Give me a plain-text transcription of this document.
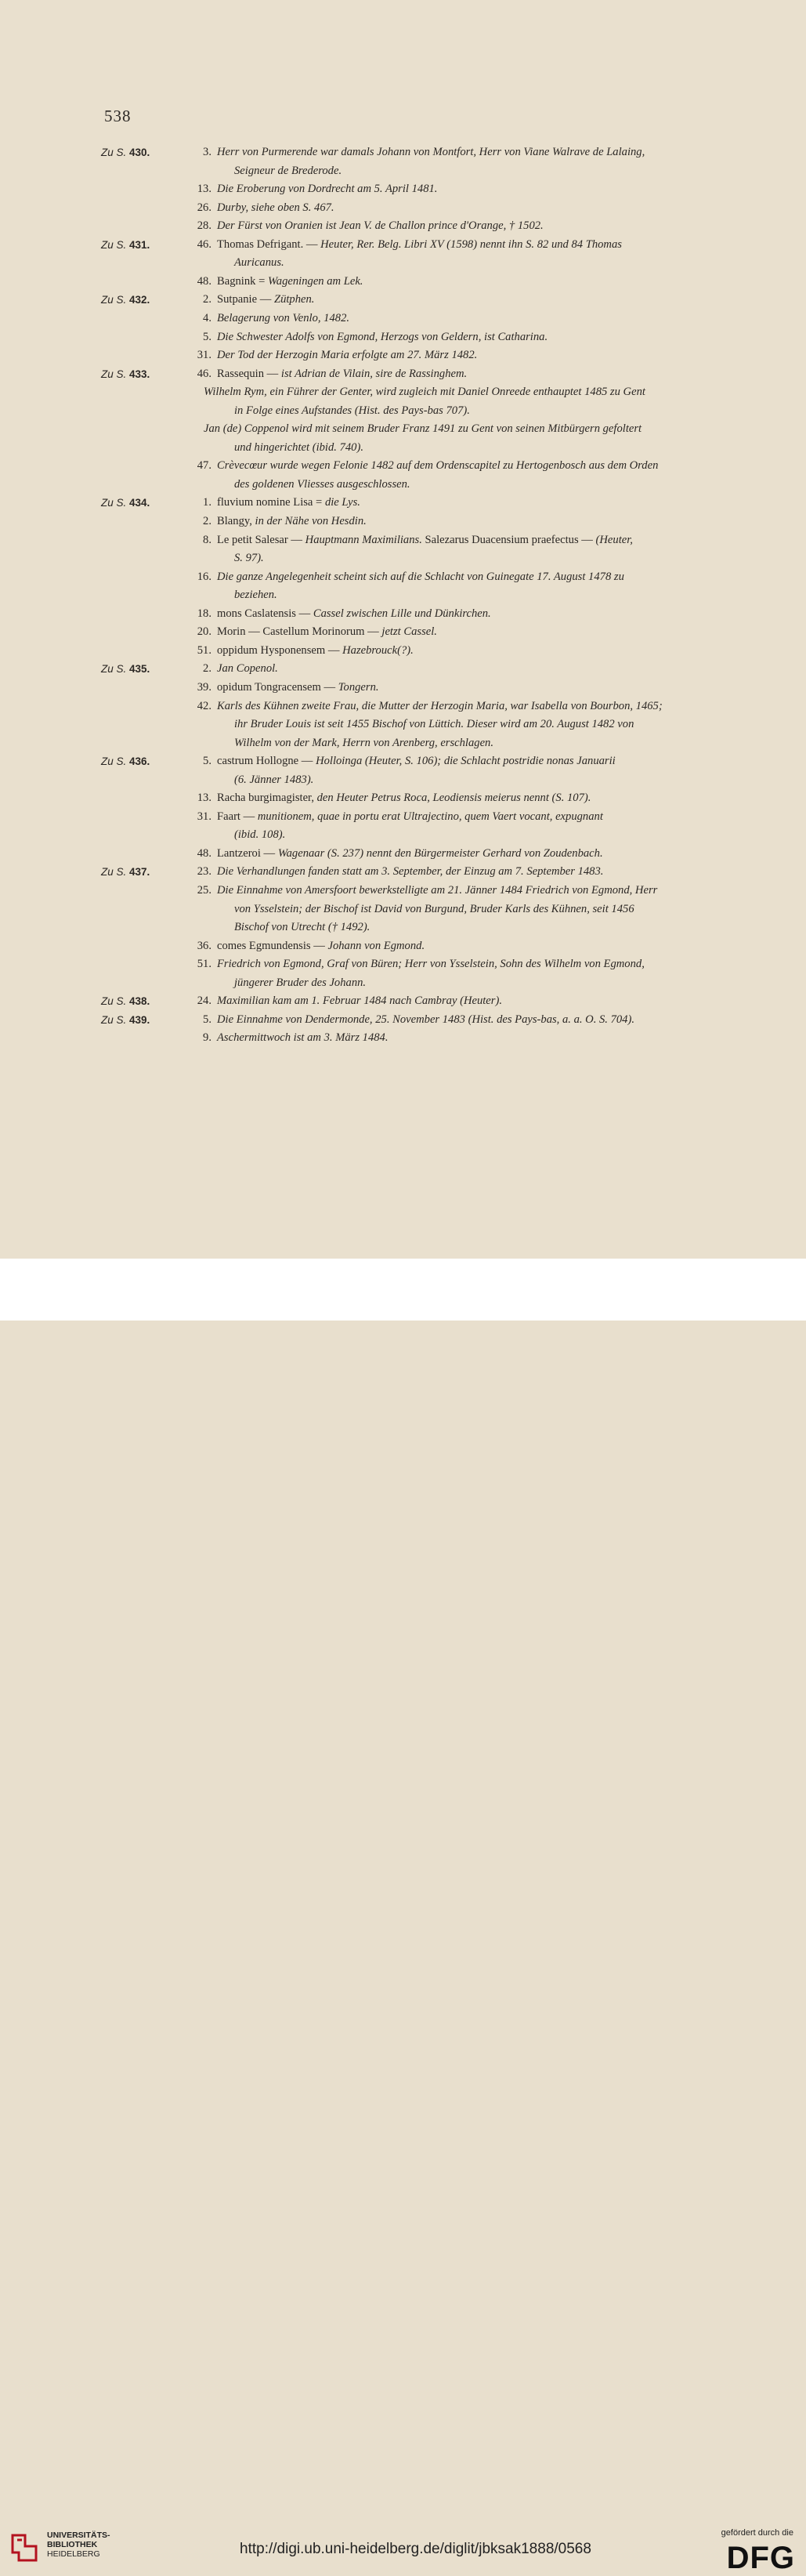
538
Zu S. 430.	3. Herr von Purmerende war damals Johann von Montfort, Herr von Viane Walrave de Lalaing,
Seigneur de Brederode.
13. Die Eroberung von Dordrecht am 5. April 1481.
26. Durby, siehe oben S. 467.
28. Der Fürst von Oranien ist Jean V. de Challon prince d'Orange, † 1502.
Zu S. 431.	46. Thomas Defrigant. — Heuter, Rer. Belg. Libri XV (1598) nennt ihn S. 82 und 84 Thomas
Auricanus.
48. Bagnink = Wageningen am Lek.
Zu S. 432.	2. Sutpanie — Zütphen.
4. Belagerung von Venlo, 1482.
5. Die Schwester Adolfs von Egmond, Herzogs von Geldern, ist Catharina.
31. Der Tod der Herzogin Maria erfolgte am 27. März 1482.
Zu S. 433.	46. Rassequin — ist Adrian de Vilain, sire de Rassinghem.
Wilhelm Rym, ein Führer der Genter, wird zugleich mit Daniel Onreede enthauptet 1485 zu Gent
in Folge eines Aufstandes (Hist. des Pays-bas 707).
Jan (de) Coppenol wird mit seinem Bruder Franz 1491 zu Gent von seinen Mitbürgern gefoltert
und hingerichtet (ibid. 740).
47. Crèvecœur wurde wegen Felonie 1482 auf dem Ordenscapitel zu Hertogenbosch aus dem Orden
des goldenen Vliesses ausgeschlossen.
Zu S. 434.	1. fluvium nomine Lisa = die Lys.
2. Blangy, in der Nähe von Hesdin.
8. Le petit Salesar — Hauptmann Maximilians. Salezarus Duacensium praefectus — (Heuter,
S. 97).
16. Die ganze Angelegenheit scheint sich auf die Schlacht von Guinegate 17. August 1478 zu
beziehen.
18. mons Caslatensis — Cassel zwischen Lille und Dünkirchen.
20. Morin — Castellum Morinorum — jetzt Cassel.
51. oppidum Hysponensem — Hazebrouck(?).
Zu S. 435.	2. Jan Copenol.
39. opidum Tongracensem — Tongern.
42. Karls des Kühnen zweite Frau, die Mutter der Herzogin Maria, war Isabella von Bourbon, 1465;
ihr Bruder Louis ist seit 1455 Bischof von Lüttich. Dieser wird am 20. August 1482 von
Wilhelm von der Mark, Herrn von Arenberg, erschlagen.
Zu S. 436.	5. castrum Hollogne — Holloinga (Heuter, S. 106); die Schlacht postridie nonas Januarii
(6. Jänner 1483).
13. Racha burgimagister, den Heuter Petrus Roca, Leodiensis meierus nennt (S. 107).
31. Faart — munitionem, quae in portu erat Ultrajectino, quem Vaert vocant, expugnant
(ibid. 108).
48. Lantzeroi — Wagenaar (S. 237) nennt den Bürgermeister Gerhard von Zoudenbach.
Zu S. 437.	23. Die Verhandlungen fanden statt am 3. September, der Einzug am 7. September 1483.
25. Die Einnahme von Amersfoort bewerkstelligte am 21. Jänner 1484 Friedrich von Egmond, Herr
von Ysselstein; der Bischof ist David von Burgund, Bruder Karls des Kühnen, seit 1456
Bischof von Utrecht († 1492).
36. comes Egmundensis — Johann von Egmond.
51. Friedrich von Egmond, Graf von Büren; Herr von Ysselstein, Sohn des Wilhelm von Egmond,
jüngerer Bruder des Johann.
Zu S. 438.	24. Maximilian kam am 1. Februar 1484 nach Cambray (Heuter).
Zu S. 439.	5. Die Einnahme von Dendermonde, 25. November 1483 (Hist. des Pays-bas, a. a. O. S. 704).
9. Aschermittwoch ist am 3. März 1484.
UNIVERSITÄTS-
BIBLIOTHEK
HEIDELBERG	http://digi.ub.uni-heidelberg.de/diglit/jbksak1888/0568
gefördert durch die
DFG
